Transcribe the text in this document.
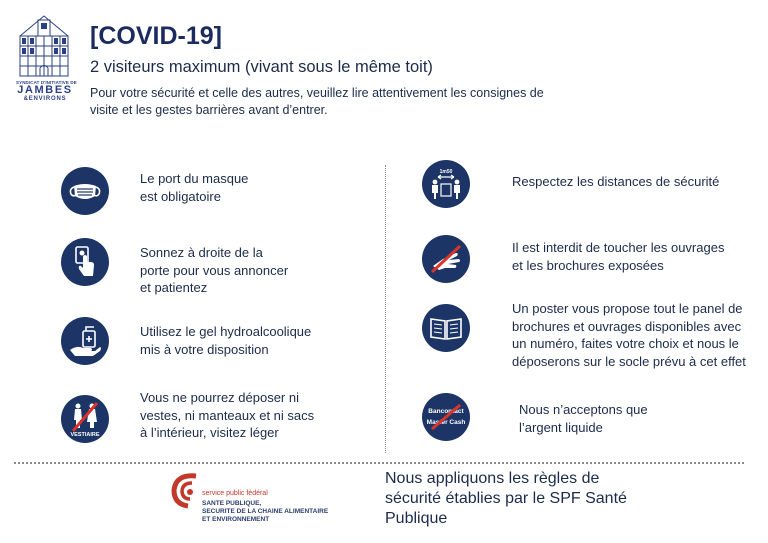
SYNDICAT D'INITIATIVE DE
JAMBES
&ENVIRONS
[COVID-19]
2 visiteurs maximum (vivant sous le même toit)
Pour votre sécurité et celle des autres, veuillez lire attentivement les consignes de visite et les gestes barrières avant d’entrer.
Le port du masque
est obligatoire
Sonnez à droite de la
porte pour vous annoncer
et patientez
Utilisez le gel hydroalcoolique
mis à votre disposition
VESTIAIRE
Vous ne pourrez déposer ni
vestes, ni manteaux et ni sacs
à l’intérieur, visitez léger
1m50
Respectez les distances de sécurité
Il est interdit de toucher les ouvrages
et les brochures exposées
Un poster vous propose tout le panel de
brochures et ouvrages disponibles avec
un numéro, faites votre choix et nous le
déposerons sur le socle prévu à cet effet
Bancontact
Master Cash
Nous n’acceptons que
l’argent liquide
service public fédéral
SANTE PUBLIQUE,
SECURITE DE LA CHAINE ALIMENTAIRE
ET ENVIRONNEMENT
Nous appliquons les règles de
sécurité établies par le SPF Santé
Publique
